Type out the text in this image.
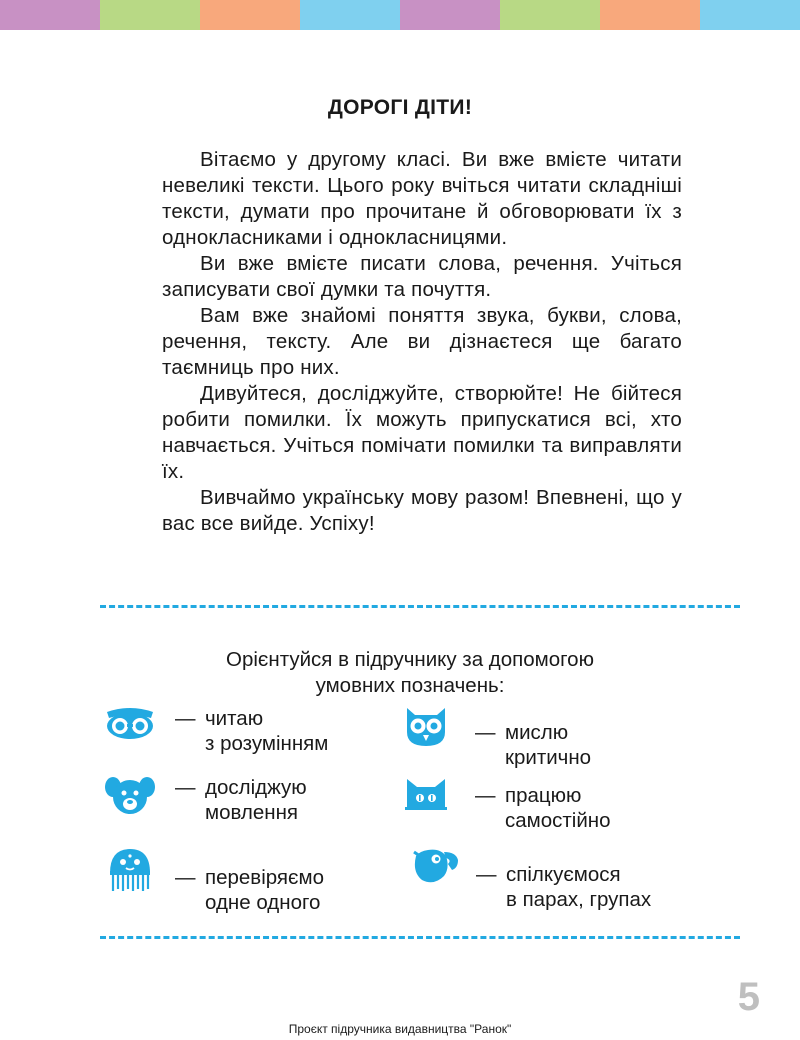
ДОРОГІ ДІТИ!

Вітаємо у другому класі. Ви вже вмієте читати невеликі тексти. Цього року вчіться читати складніші тексти, думати про прочитане й обговорювати їх з однокласниками і однокласницями.

Ви вже вмієте писати слова, речення. Учіться записувати свої думки та почуття.

Вам вже знайомі поняття звука, букви, слова, речення, тексту. Але ви дізнаєтеся ще багато таємниць про них.

Дивуйтеся, досліджуйте, створюйте! Не бійтеся робити помилки. Їх можуть припускатися всі, хто навчається. Учіться помічати помилки та виправляти їх.

Вивчаймо українську мову разом! Впевнені, що у вас все вийде. Успіху!

Орієнтуйся в підручнику за допомогою
умовних позначень:
— читаю
з розумінням
— досліджую
мовлення
— перевіряємо
одне одного
— мислю
критично
— працюю
самостійно
— спілкуємося
в парах, групах
5
Проєкт підручника видавництва "Ранок"
